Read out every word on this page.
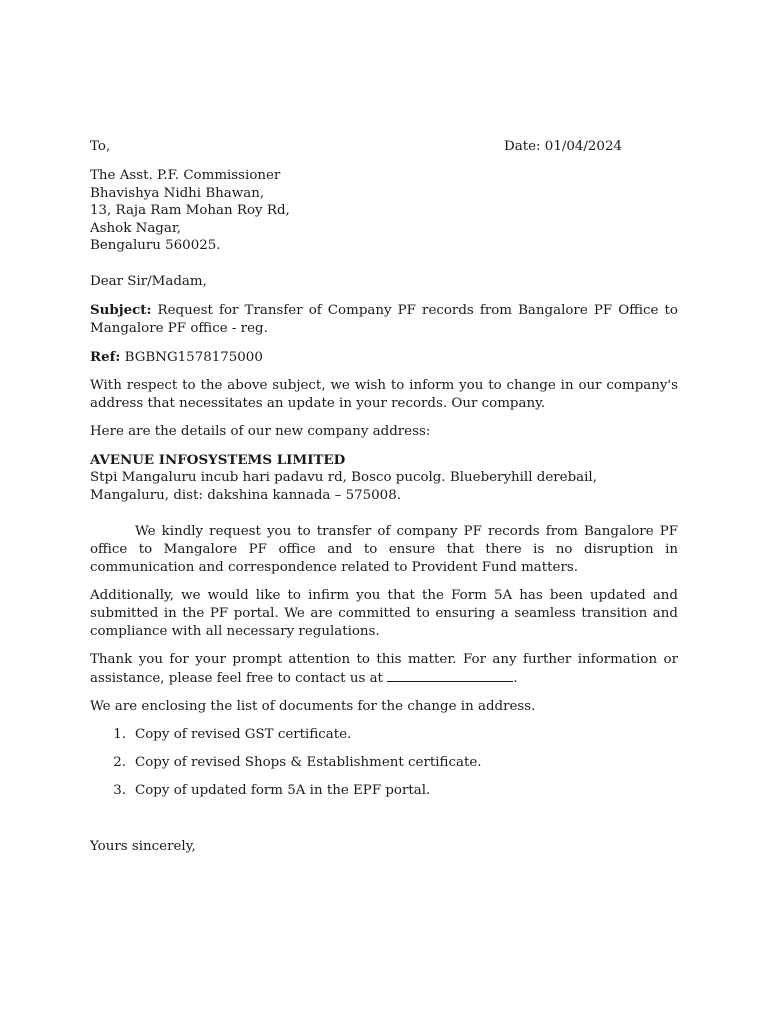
To,	Date: 01/04/2024
The Asst. P.F. Commissioner
Bhavishya Nidhi Bhawan,
13, Raja Ram Mohan Roy Rd,
Ashok Nagar,
Bengaluru 560025.
Dear Sir/Madam,
Subject: Request for Transfer of Company PF records from Bangalore PF Office to Mangalore PF office - reg.
Ref: BGBNG1578175000
With respect to the above subject, we wish to inform you to change in our company's address that necessitates an update in your records. Our company.
Here are the details of our new company address:
AVENUE INFOSYSTEMS LIMITED
Stpi Mangaluru incub hari padavu rd, Bosco pucolg. Blueberyhill derebail,
Mangaluru, dist: dakshina kannada – 575008.
We kindly request you to transfer of company PF records from Bangalore PF office to Mangalore PF office and to ensure that there is no disruption in communication and correspondence related to Provident Fund matters.
Additionally, we would like to infirm you that the Form 5A has been updated and submitted in the PF portal. We are committed to ensuring a seamless transition and compliance with all necessary regulations.
Thank you for your prompt attention to this matter. For any further information or assistance, please feel free to contact us at	.
We are enclosing the list of documents for the change in address.
1. Copy of revised GST certificate.
2. Copy of revised Shops & Establishment certificate.
3. Copy of updated form 5A in the EPF portal.
Yours sincerely,
